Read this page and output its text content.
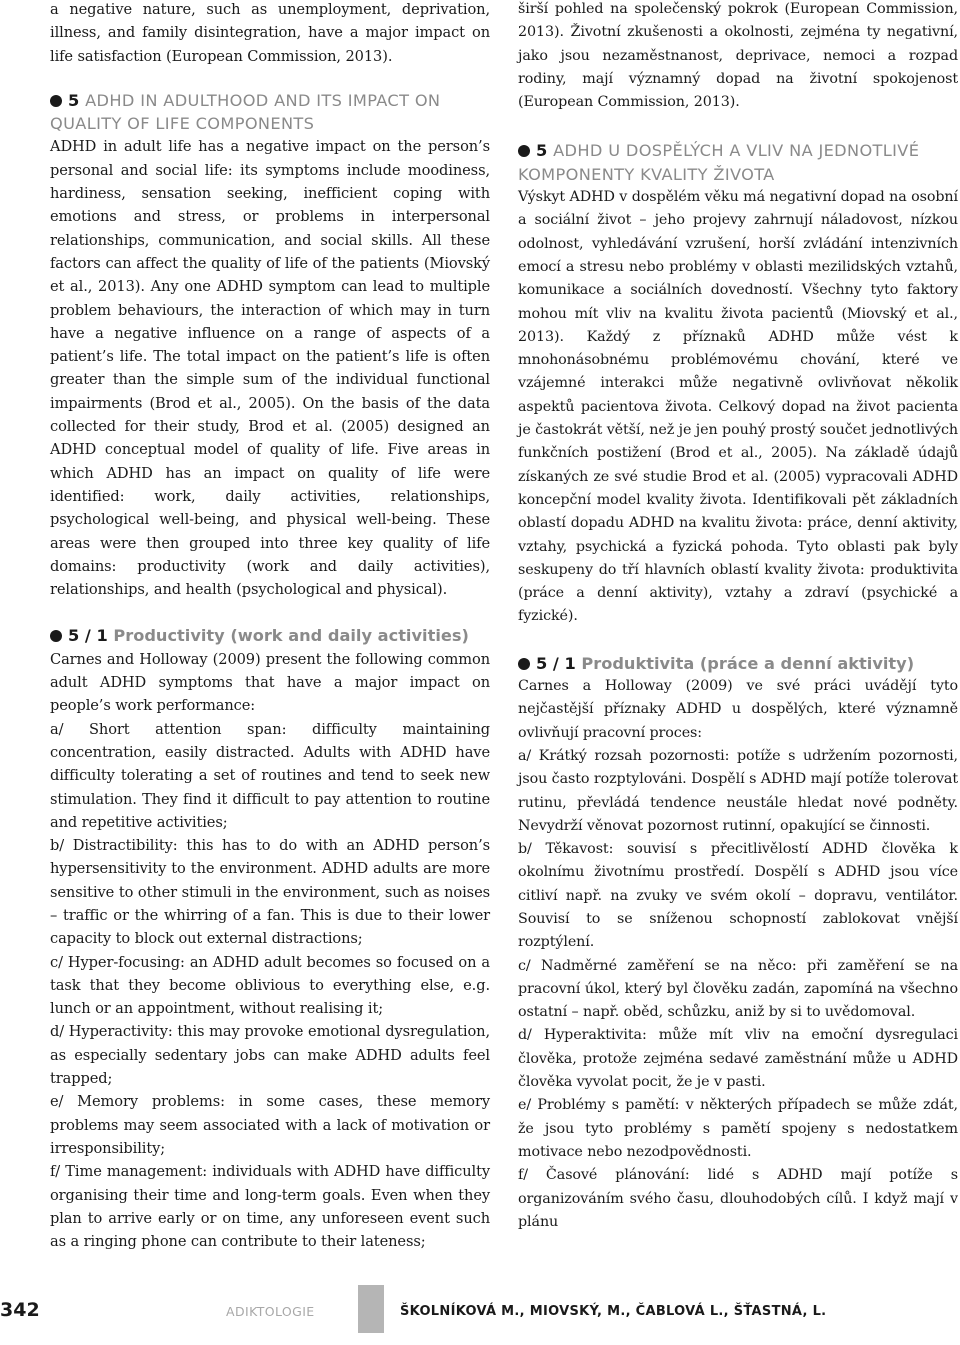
a negative nature, such as unemployment, deprivation, illness, and family disintegration, have a major impact on life satisfaction (European Commission, 2013).

5 ADHD IN ADULTHOOD AND ITS IMPACT ON QUALITY OF LIFE COMPONENTS

ADHD in adult life has a negative impact on the person’s personal and social life: its symptoms include moodiness, hardiness, sensation seeking, inefficient coping with emotions and stress, or problems in interpersonal relationships, communication, and social skills. All these factors can affect the quality of life of the patients (Miovský et al., 2013). Any one ADHD symptom can lead to multiple problem behaviours, the interaction of which may in turn have a negative influence on a range of aspects of a patient’s life. The total impact on the patient’s life is often greater than the simple sum of the individual functional impairments (Brod et al., 2005). On the basis of the data collected for their study, Brod et al. (2005) designed an ADHD conceptual model of quality of life. Five areas in which ADHD has an impact on quality of life were identified: work, daily activities, relationships, psychological well-being, and physical well-being. These areas were then grouped into three key quality of life domains: productivity (work and daily activities), relationships, and health (psychological and physical).

5 / 1 Productivity (work and daily activities)

Carnes and Holloway (2009) present the following common adult ADHD symptoms that have a major impact on people’s work performance:

a/ Short attention span: difficulty maintaining concentration, easily distracted. Adults with ADHD have difficulty tolerating a set of routines and tend to seek new stimulation. They find it difficult to pay attention to routine and repetitive activities;

b/ Distractibility: this has to do with an ADHD person’s hypersensitivity to the environment. ADHD adults are more sensitive to other stimuli in the environment, such as noises – traffic or the whirring of a fan. This is due to their lower capacity to block out external distractions;

c/ Hyper-focusing: an ADHD adult becomes so focused on a task that they become oblivious to everything else, e.g. lunch or an appointment, without realising it;

d/ Hyperactivity: this may provoke emotional dysregulation, as especially sedentary jobs can make ADHD adults feel trapped;

e/ Memory problems: in some cases, these memory problems may seem associated with a lack of motivation or irresponsibility;

f/ Time management: individuals with ADHD have difficulty organising their time and long-term goals. Even when they plan to arrive early or on time, any unforeseen event such as a ringing phone can contribute to their lateness;

širší pohled na společenský pokrok (European Commission, 2013). Životní zkušenosti a okolnosti, zejména ty negativní, jako jsou nezaměstnanost, deprivace, nemoci a rozpad rodiny, mají významný dopad na životní spokojenost (European Commission, 2013).

5 ADHD U DOSPĚLÝCH A VLIV NA JEDNOTLIVÉ KOMPONENTY KVALITY ŽIVOTA

Výskyt ADHD v dospělém věku má negativní dopad na osobní a sociální život – jeho projevy zahrnují náladovost, nízkou odolnost, vyhledávání vzrušení, horší zvládání intenzivních emocí a stresu nebo problémy v oblasti mezilidských vztahů, komunikace a sociálních dovedností. Všechny tyto faktory mohou mít vliv na kvalitu života pacientů (Miovský et al., 2013). Každý z příznaků ADHD může vést k mnohonásobnému problémovému chování, které ve vzájemné interakci může negativně ovlivňovat několik aspektů pacientova života. Celkový dopad na život pacienta je častokrát větší, než je jen pouhý prostý součet jednotlivých funkčních postižení (Brod et al., 2005). Na základě údajů získaných ze své studie Brod et al. (2005) vypracovali ADHD koncepční model kvality života. Identifikovali pět základních oblastí dopadu ADHD na kvalitu života: práce, denní aktivity, vztahy, psychická a fyzická pohoda. Tyto oblasti pak byly seskupeny do tří hlavních oblastí kvality života: produktivita (práce a denní aktivity), vztahy a zdraví (psychické a fyzické).

5 / 1 Produktivita (práce a denní aktivity)

Carnes a Holloway (2009) ve své práci uvádějí tyto nejčastější příznaky ADHD u dospělých, které významně ovlivňují pracovní proces:

a/ Krátký rozsah pozornosti: potíže s udržením pozornosti, jsou často rozptylováni. Dospělí s ADHD mají potíže tolerovat rutinu, převládá tendence neustále hledat nové podněty. Nevydrží věnovat pozornost rutinní, opakující se činnosti.

b/ Těkavost: souvisí s přecitlivělostí ADHD člověka k okolnímu životnímu prostředí. Dospělí s ADHD jsou více citliví např. na zvuky ve svém okolí – dopravu, ventilátor. Souvisí to se sníženou schopností zablokovat vnější rozptýlení.

c/ Nadměrné zaměření se na něco: při zaměření se na pracovní úkol, který byl člověku zadán, zapomíná na všechno ostatní – např. oběd, schůzku, aniž by si to uvědomoval.

d/ Hyperaktivita: může mít vliv na emoční dysregulaci člověka, protože zejména sedavé zaměstnání může u ADHD člověka vyvolat pocit, že je v pasti.

e/ Problémy s pamětí: v některých případech se může zdát, že jsou tyto problémy s pamětí spojeny s nedostatkem motivace nebo nezodpovědnosti.

f/ Časové plánování: lidé s ADHD mají potíže s organizováním svého času, dlouhodobých cílů. I když mají v plánu

342	ADIKTOLOGIE	ŠKOLNÍKOVÁ M., MIOVSKÝ, M., ČABLOVÁ L., ŠŤASTNÁ, L.
